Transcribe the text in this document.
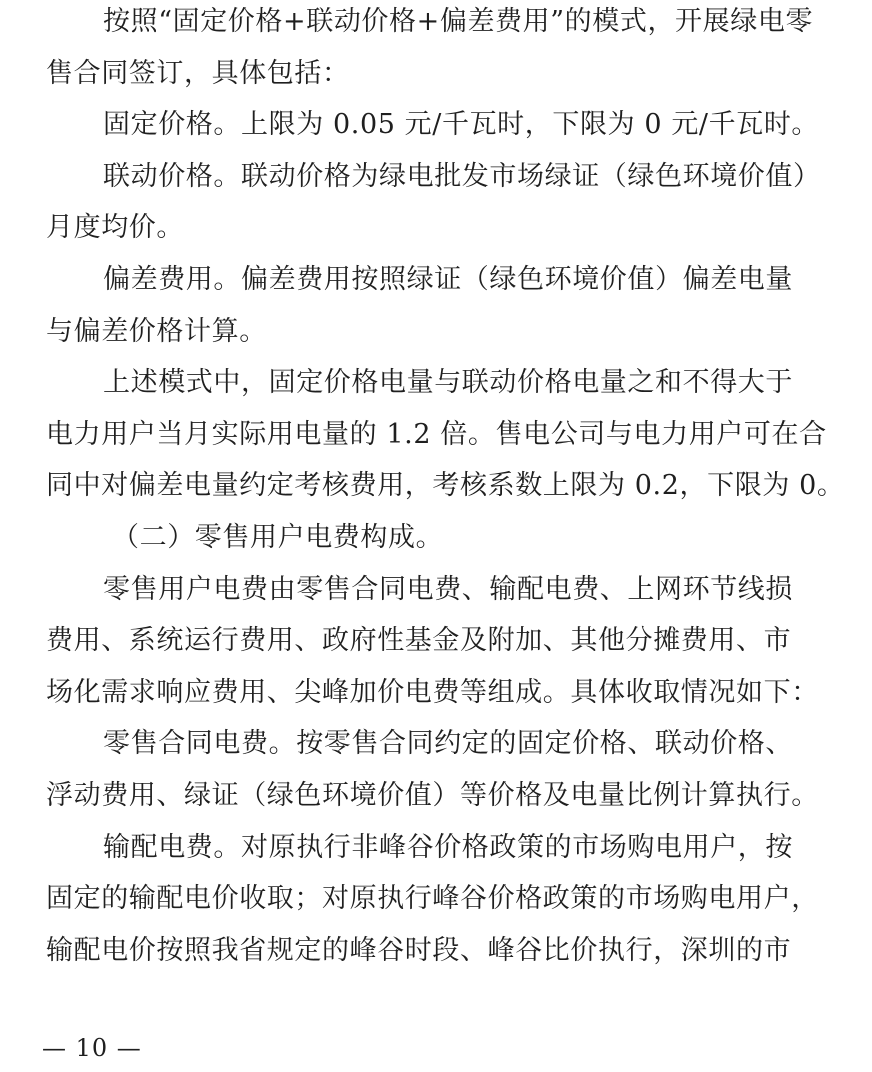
按照“固定价格+联动价格+偏差费用”的模式，开展绿电零
售合同签订，具体包括：
固定价格。上限为 0.05 元/千瓦时，下限为 0 元/千瓦时。
联动价格。联动价格为绿电批发市场绿证（绿色环境价值）
月度均价。
偏差费用。偏差费用按照绿证（绿色环境价值）偏差电量
与偏差价格计算。
上述模式中，固定价格电量与联动价格电量之和不得大于
电力用户当月实际用电量的 1.2 倍。售电公司与电力用户可在合
同中对偏差电量约定考核费用，考核系数上限为 0.2，下限为 0。
（二）零售用户电费构成。
零售用户电费由零售合同电费、输配电费、上网环节线损
费用、系统运行费用、政府性基金及附加、其他分摊费用、市
场化需求响应费用、尖峰加价电费等组成。具体收取情况如下：
零售合同电费。按零售合同约定的固定价格、联动价格、
浮动费用、绿证（绿色环境价值）等价格及电量比例计算执行。
输配电费。对原执行非峰谷价格政策的市场购电用户，按
固定的输配电价收取；对原执行峰谷价格政策的市场购电用户，
输配电价按照我省规定的峰谷时段、峰谷比价执行，深圳的市
— 10 —
